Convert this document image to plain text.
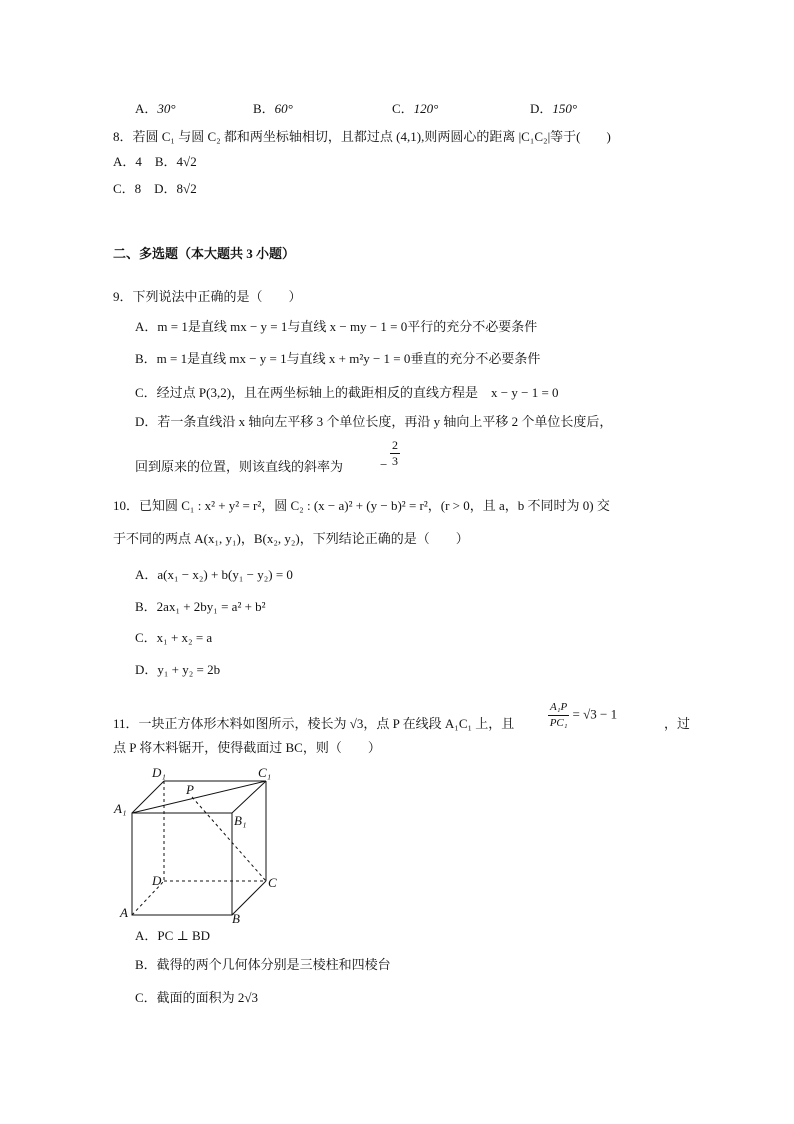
A．30°	B．60°	C．120°	D．150°
8．若圆 C₁ 与圆 C₂ 都和两坐标轴相切，且都过点 (4,1),则两圆心的距离 |C₁C₂|等于(　　)
A．4　B．4√2
C．8　D．8√2
二、多选题（本大题共 3 小题）
9．下列说法中正确的是（　　）
A．m = 1是直线 mx − y = 1与直线 x − my − 1 = 0平行的充分不必要条件
B．m = 1是直线 mx − y = 1与直线 x + m²y − 1 = 0垂直的充分不必要条件
C．经过点 P(3,2)，且在两坐标轴上的截距相反的直线方程是　x − y − 1 = 0
D．若一条直线沿 x 轴向左平移 3 个单位长度，再沿 y 轴向上平移 2 个单位长度后，
回到原来的位置，则该直线的斜率为	− $\frac{2}{3}$
10．已知圆 C₁ : x² + y² = r²，圆 C₂ : (x − a)² + (y − b)² = r²，(r > 0，且 a，b 不同时为 0) 交
于不同的两点 A(x₁, y₁)，B(x₂, y₂)，下列结论正确的是（　　）
A．a(x₁ − x₂) + b(y₁ − y₂) = 0
B．2ax₁ + 2by₁ = a² + b²
C．x₁ + x₂ = a
D．y₁ + y₂ = 2b
11．一块正方体形木料如图所示，棱长为 √3，点 P 在线段 A₁C₁ 上，且	$\frac{\text{A₁P}}{\text{PC₁}} = √3 - 1$
，过
点 P 将木料锯开，使得截面过 BC，则（　　）
D₁	C₁
A₁
P
B₁
D	C
A	B
A．PC ⊥ BD
B．截得的两个几何体分别是三棱柱和四棱台
C．截面的面积为 2√3
